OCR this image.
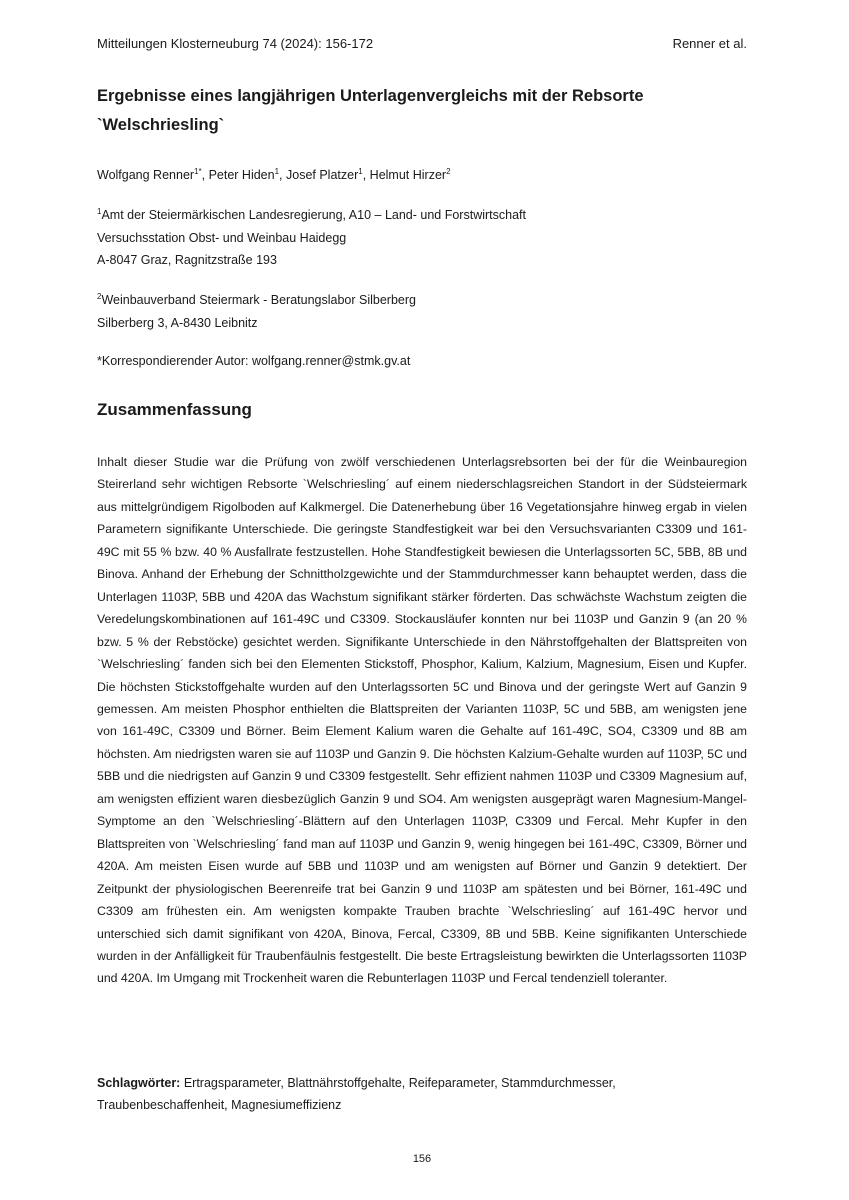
Mitteilungen Klosterneuburg 74 (2024): 156-172	Renner et al.
Ergebnisse eines langjährigen Unterlagenvergleichs mit der Rebsorte
`Welschriesling`
Wolfgang Renner$^{1*}$, Peter Hiden$^1$, Josef Platzer$^1$, Helmut Hirzer$^2$
$^1$Amt der Steiermärkischen Landesregierung, A10 – Land- und Forstwirtschaft
Versuchsstation Obst- und Weinbau Haidegg
A-8047 Graz, Ragnitzstraße 193
$^2$Weinbauverband Steiermark - Beratungslabor Silberberg
Silberberg 3, A-8430 Leibnitz
*Korrespondierender Autor: wolfgang.renner@stmk.gv.at
Zusammenfassung

Inhalt dieser Studie war die Prüfung von zwölf verschiedenen Unterlagsrebsorten bei der für die Weinbauregion Steirerland sehr wichtigen Rebsorte `Welschriesling´ auf einem niederschlagsreichen Standort in der Südsteiermark aus mittelgründigem Rigolboden auf Kalkmergel. Die Datenerhebung über 16 Vegetationsjahre hinweg ergab in vielen Parametern signifikante Unterschiede. Die geringste Standfestigkeit war bei den Versuchsvarianten C3309 und 161-49C mit 55 % bzw. 40 % Ausfallrate festzustellen. Hohe Standfestigkeit bewiesen die Unterlagssorten 5C, 5BB, 8B und Binova. Anhand der Erhebung der Schnittholzgewichte und der Stammdurchmesser kann behauptet werden, dass die Unterlagen 1103P, 5BB und 420A das Wachstum signifikant stärker förderten. Das schwächste Wachstum zeigten die Veredelungskombinationen auf 161-49C und C3309. Stockausläufer konnten nur bei 1103P und Ganzin 9 (an 20 % bzw. 5 % der Rebstöcke) gesichtet werden. Signifikante Unterschiede in den Nährstoffgehalten der Blattspreiten von `Welschriesling´ fanden sich bei den Elementen Stickstoff, Phosphor, Kalium, Kalzium, Magnesium, Eisen und Kupfer. Die höchsten Stickstoffgehalte wurden auf den Unterlagssorten 5C und Binova und der geringste Wert auf Ganzin 9 gemessen. Am meisten Phosphor enthielten die Blattspreiten der Varianten 1103P, 5C und 5BB, am wenigsten jene von 161-49C, C3309 und Börner. Beim Element Kalium waren die Gehalte auf 161-49C, SO4, C3309 und 8B am höchsten. Am niedrigsten waren sie auf 1103P und Ganzin 9. Die höchsten Kalzium-Gehalte wurden auf 1103P, 5C und 5BB und die niedrigsten auf Ganzin 9 und C3309 festgestellt. Sehr effizient nahmen 1103P und C3309 Magnesium auf, am wenigsten effizient waren diesbezüglich Ganzin 9 und SO4. Am wenigsten ausgeprägt waren Magnesium-Mangel-Symptome an den `Welschriesling´-Blättern auf den Unterlagen 1103P, C3309 und Fercal. Mehr Kupfer in den Blattspreiten von `Welschriesling´ fand man auf 1103P und Ganzin 9, wenig hingegen bei 161-49C, C3309, Börner und 420A. Am meisten Eisen wurde auf 5BB und 1103P und am wenigsten auf Börner und Ganzin 9 detektiert. Der Zeitpunkt der physiologischen Beerenreife trat bei Ganzin 9 und 1103P am spätesten und bei Börner, 161-49C und C3309 am frühesten ein. Am wenigsten kompakte Trauben brachte `Welschriesling´ auf 161-49C hervor und unterschied sich damit signifikant von 420A, Binova, Fercal, C3309, 8B und 5BB. Keine signifikanten Unterschiede wurden in der Anfälligkeit für Traubenfäulnis festgestellt. Die beste Ertragsleistung bewirkten die Unterlagssorten 1103P und 420A. Im Umgang mit Trockenheit waren die Rebunterlagen 1103P und Fercal tendenziell toleranter.

Schlagwörter: Ertragsparameter, Blattnährstoffgehalte, Reifeparameter, Stammdurchmesser, Traubenbeschaffenheit, Magnesiumeffizienz

156
